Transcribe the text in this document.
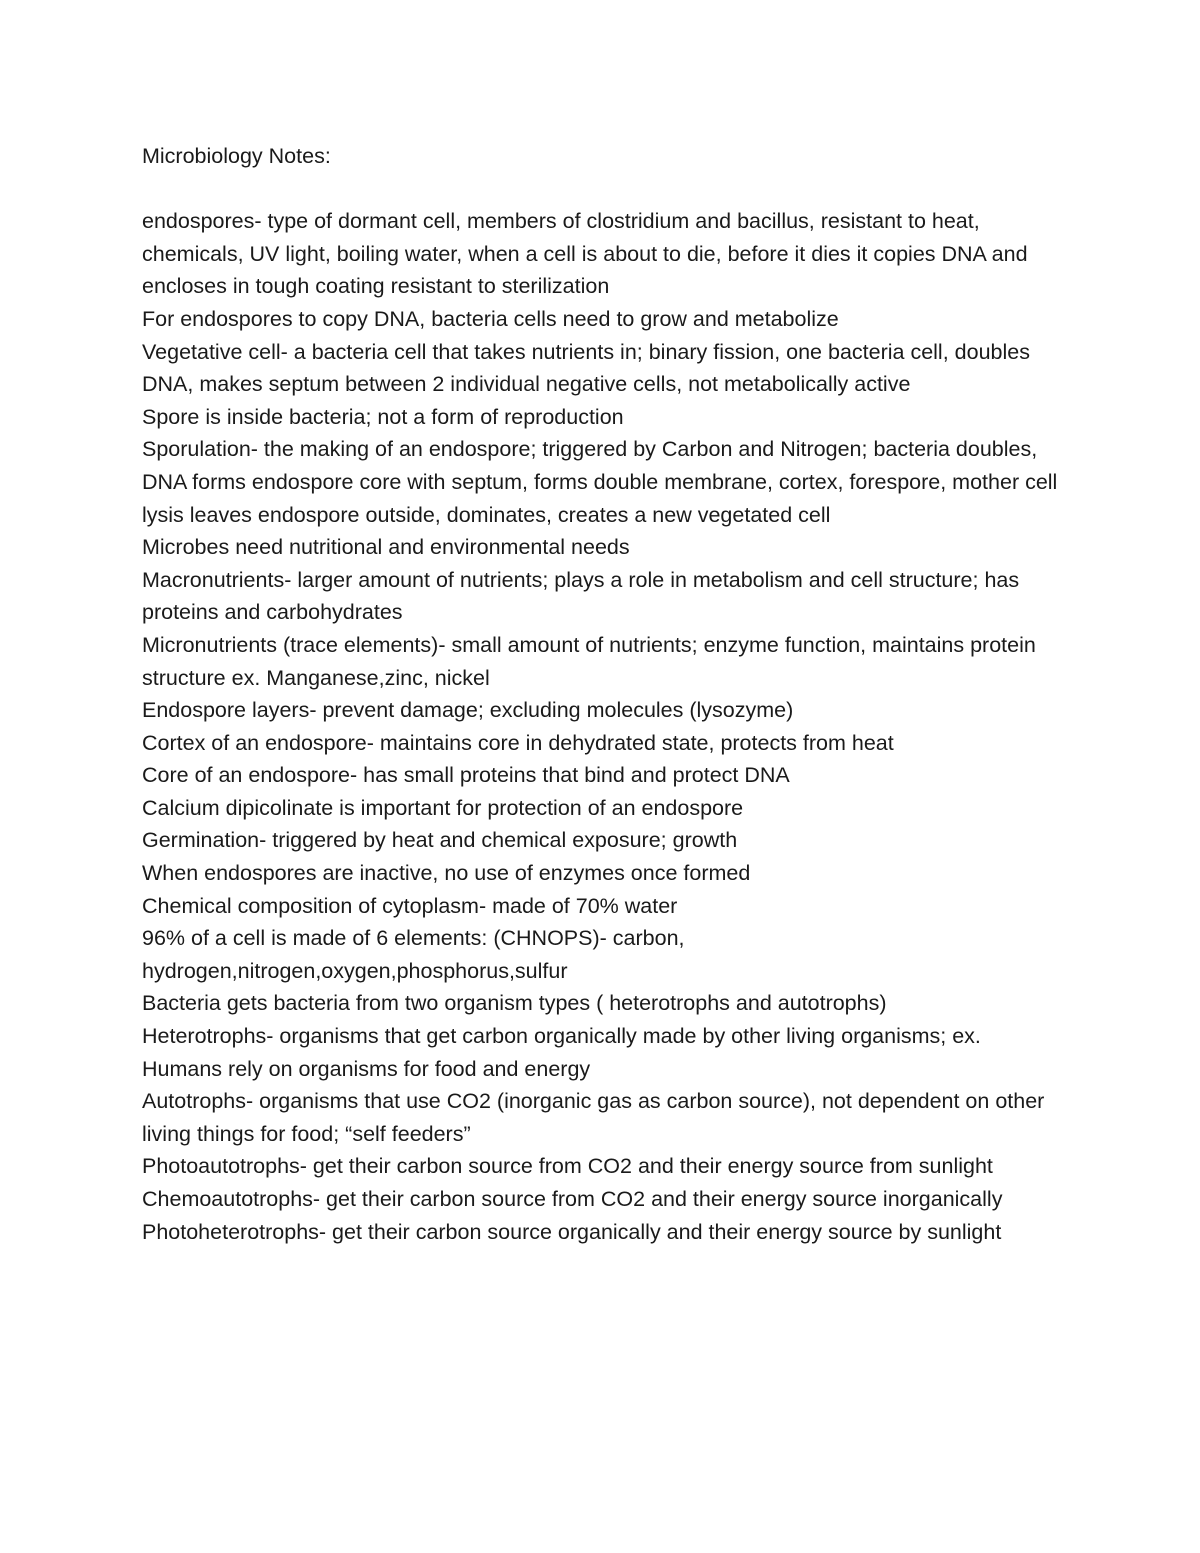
Microbiology Notes:

endospores- type of dormant cell, members of clostridium and bacillus, resistant to heat, chemicals, UV light, boiling water, when a cell is about to die, before it dies it copies DNA and encloses in tough coating resistant to sterilization

For endospores to copy DNA, bacteria cells need to grow and metabolize

Vegetative cell- a bacteria cell that takes nutrients in; binary fission, one bacteria cell, doubles DNA, makes septum between 2 individual negative cells, not metabolically active

Spore is inside bacteria; not a form of reproduction

Sporulation- the making of an endospore; triggered by Carbon and Nitrogen; bacteria doubles, DNA forms endospore core with septum, forms double membrane, cortex, forespore, mother cell lysis leaves endospore outside, dominates, creates a new vegetated cell

Microbes need nutritional and environmental needs

Macronutrients- larger amount of nutrients; plays a role in metabolism and cell structure; has proteins and carbohydrates

Micronutrients (trace elements)- small amount of nutrients; enzyme function, maintains protein structure ex. Manganese,zinc, nickel

Endospore layers- prevent damage; excluding molecules (lysozyme)

Cortex of an endospore- maintains core in dehydrated state, protects from heat

Core of an endospore- has small proteins that bind and protect DNA

Calcium dipicolinate is important for protection of an endospore

Germination- triggered by heat and chemical exposure; growth

When endospores are inactive, no use of enzymes once formed

Chemical composition of cytoplasm- made of 70% water

96% of a cell is made of 6 elements: (CHNOPS)- carbon, hydrogen,nitrogen,oxygen,phosphorus,sulfur

Bacteria gets bacteria from two organism types ( heterotrophs and autotrophs)

Heterotrophs- organisms that get carbon organically made by other living organisms; ex. Humans rely on organisms for food and energy

Autotrophs- organisms that use CO2 (inorganic gas as carbon source), not dependent on other living things for food; “self feeders”

Photoautotrophs- get their carbon source from CO2 and their energy source from sunlight

Chemoautotrophs- get their carbon source from CO2 and their energy source inorganically

Photoheterotrophs- get their carbon source organically and their energy source by sunlight
